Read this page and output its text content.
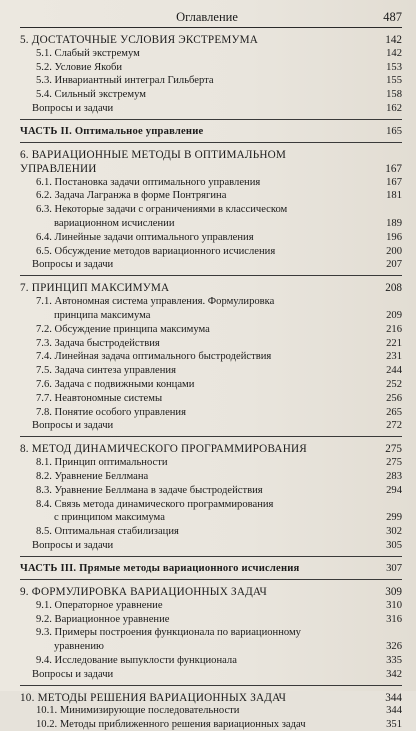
Оглавление	487
5. ДОСТАТОЧНЫЕ УСЛОВИЯ ЭКСТРЕМУМА	142
5.1. Слабый экстремум	142
5.2. Условие Якоби	153
5.3. Инвариантный интеграл Гильберта	155
5.4. Сильный экстремум	158
Вопросы и задачи	162
ЧАСТЬ II. Оптимальное управление	165
6. ВАРИАЦИОННЫЕ МЕТОДЫ В ОПТИМАЛЬНОМ
УПРАВЛЕНИИ	167
6.1. Постановка задачи оптимального управления	167
6.2. Задача Лагранжа в форме Понтрягина	181
6.3. Некоторые задачи с ограничениями в классическом
вариационном исчислении	189
6.4. Линейные задачи оптимального управления	196
6.5. Обсуждение методов вариационного исчисления	200
Вопросы и задачи	207
7. ПРИНЦИП МАКСИМУМА	208
7.1. Автономная система управления. Формулировка
принципа максимума	209
7.2. Обсуждение принципа максимума	216
7.3. Задача быстродействия	221
7.4. Линейная задача оптимального быстродействия	231
7.5. Задача синтеза управления	244
7.6. Задача с подвижными концами	252
7.7. Неавтономные системы	256
7.8. Понятие особого управления	265
Вопросы и задачи	272
8. МЕТОД ДИНАМИЧЕСКОГО ПРОГРАММИРОВАНИЯ	275
8.1. Принцип оптимальности	275
8.2. Уравнение Беллмана	283
8.3. Уравнение Беллмана в задаче быстродействия	294
8.4. Связь метода динамического программирования
с принципом максимума	299
8.5. Оптимальная стабилизация	302
Вопросы и задачи	305
ЧАСТЬ III. Прямые методы вариационного исчисления	307
9. ФОРМУЛИРОВКА ВАРИАЦИОННЫХ ЗАДАЧ	309
9.1. Операторное уравнение	310
9.2. Вариационное уравнение	316
9.3. Примеры построения функционала по вариационному
уравнению	326
9.4. Исследование выпуклости функционала	335
Вопросы и задачи	342
10. МЕТОДЫ РЕШЕНИЯ ВАРИАЦИОННЫХ ЗАДАЧ	344
10.1. Минимизирующие последовательности	344
10.2. Методы приближенного решения вариационных задач	351
